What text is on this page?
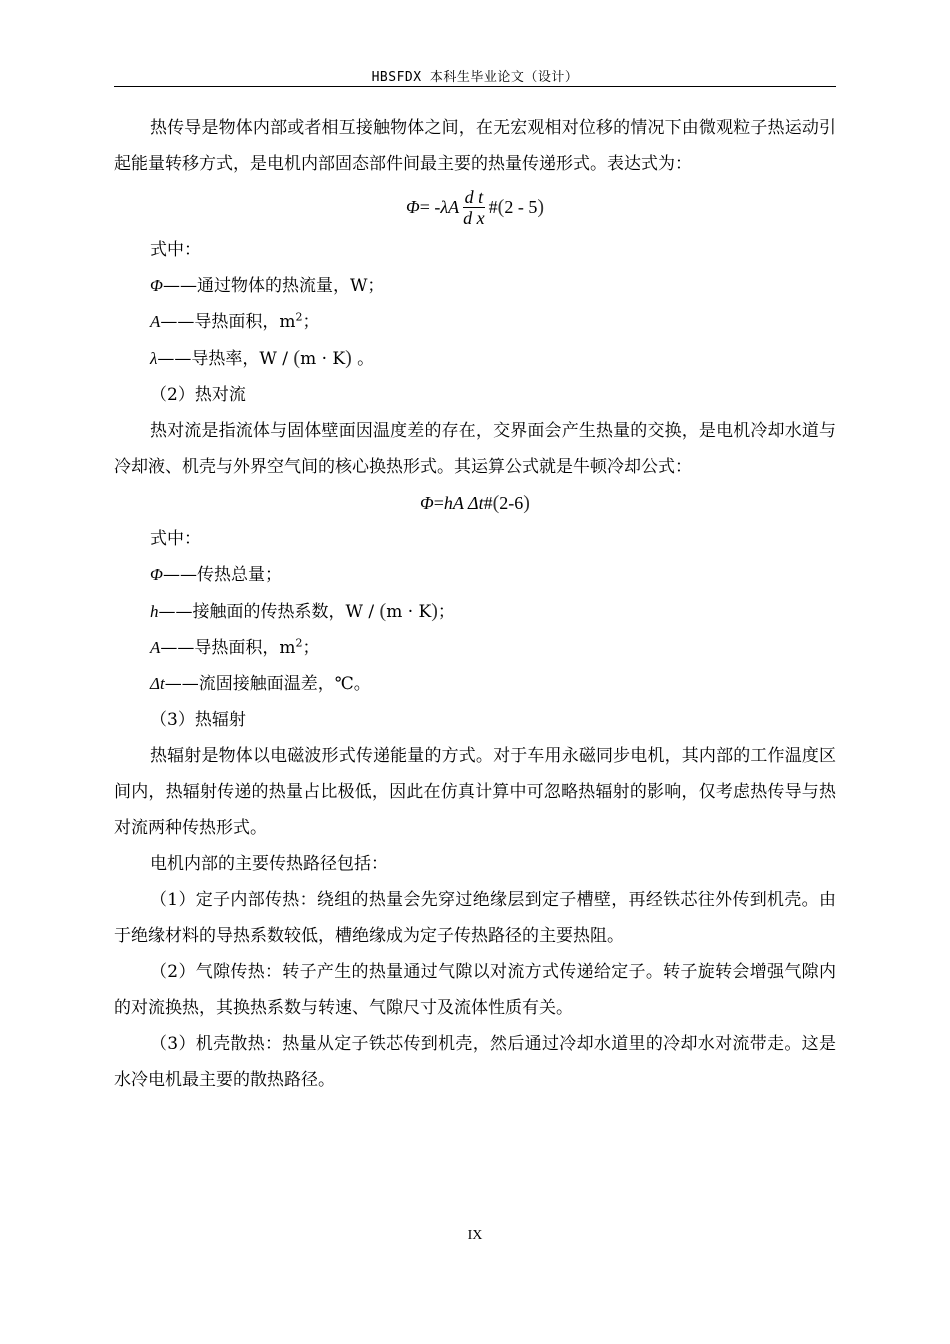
HBSFDX 本科生毕业论文（设计）

热传导是物体内部或者相互接触物体之间，在无宏观相对位移的情况下由微观粒子热运动引起能量转移方式，是电机内部固态部件间最主要的热量传递形式。表达式为：

Φ = - λA $\frac{\text{d t}}{\text{d x}}$ # ( 2 - 5 )

式中：

Φ——通过物体的热流量，W；

A——导热面积，$m^2$；

λ——导热率，W / (m · K) 。

（2）热对流

热对流是指流体与固体壁面因温度差的存在，交界面会产生热量的交换，是电机冷却水道与冷却液、机壳与外界空气间的核心换热形式。其运算公式就是牛顿冷却公式：

Φ = hA Δt # ( 2-6 )

式中：

Φ——传热总量；

h——接触面的传热系数，W / (m · K)；

A——导热面积，$m^2$；

Δt——流固接触面温差，℃。

（3）热辐射

热辐射是物体以电磁波形式传递能量的方式。对于车用永磁同步电机，其内部的工作温度区间内，热辐射传递的热量占比极低，因此在仿真计算中可忽略热辐射的影响，仅考虑热传导与热对流两种传热形式。

电机内部的主要传热路径包括：

（1）定子内部传热：绕组的热量会先穿过绝缘层到定子槽壁，再经铁芯往外传到机壳。由于绝缘材料的导热系数较低，槽绝缘成为定子传热路径的主要热阻。

（2）气隙传热：转子产生的热量通过气隙以对流方式传递给定子。转子旋转会增强气隙内的对流换热，其换热系数与转速、气隙尺寸及流体性质有关。

（3）机壳散热：热量从定子铁芯传到机壳，然后通过冷却水道里的冷却水对流带走。这是水冷电机最主要的散热路径。

IX
